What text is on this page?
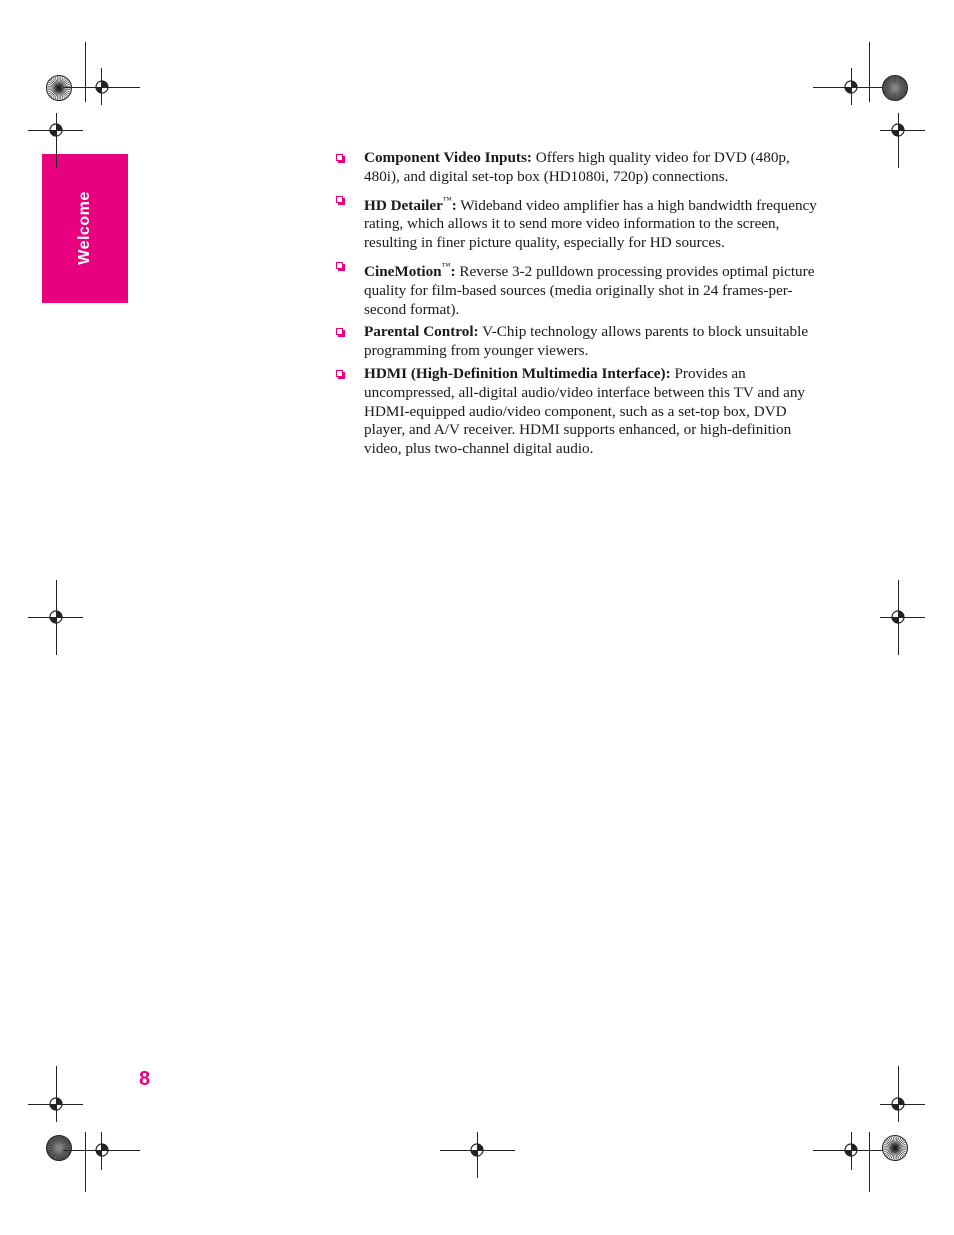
Welcome
Component Video Inputs: Offers high quality video for DVD (480p, 480i), and digital set-top box (HD1080i, 720p) connections.
HD Detailer™: Wideband video amplifier has a high bandwidth frequency rating, which allows it to send more video information to the screen, resulting in finer picture quality, especially for HD sources.
CineMotion™: Reverse 3-2 pulldown processing provides optimal picture quality for film-based sources (media originally shot in 24 frames-per-second format).
Parental Control: V-Chip technology allows parents to block unsuitable programming from younger viewers.
HDMI (High-Definition Multimedia Interface): Provides an uncompressed, all-digital audio/video interface between this TV and any HDMI-equipped audio/video component, such as a set-top box, DVD player, and A/V receiver. HDMI supports enhanced, or high-definition video, plus two-channel digital audio.
8
